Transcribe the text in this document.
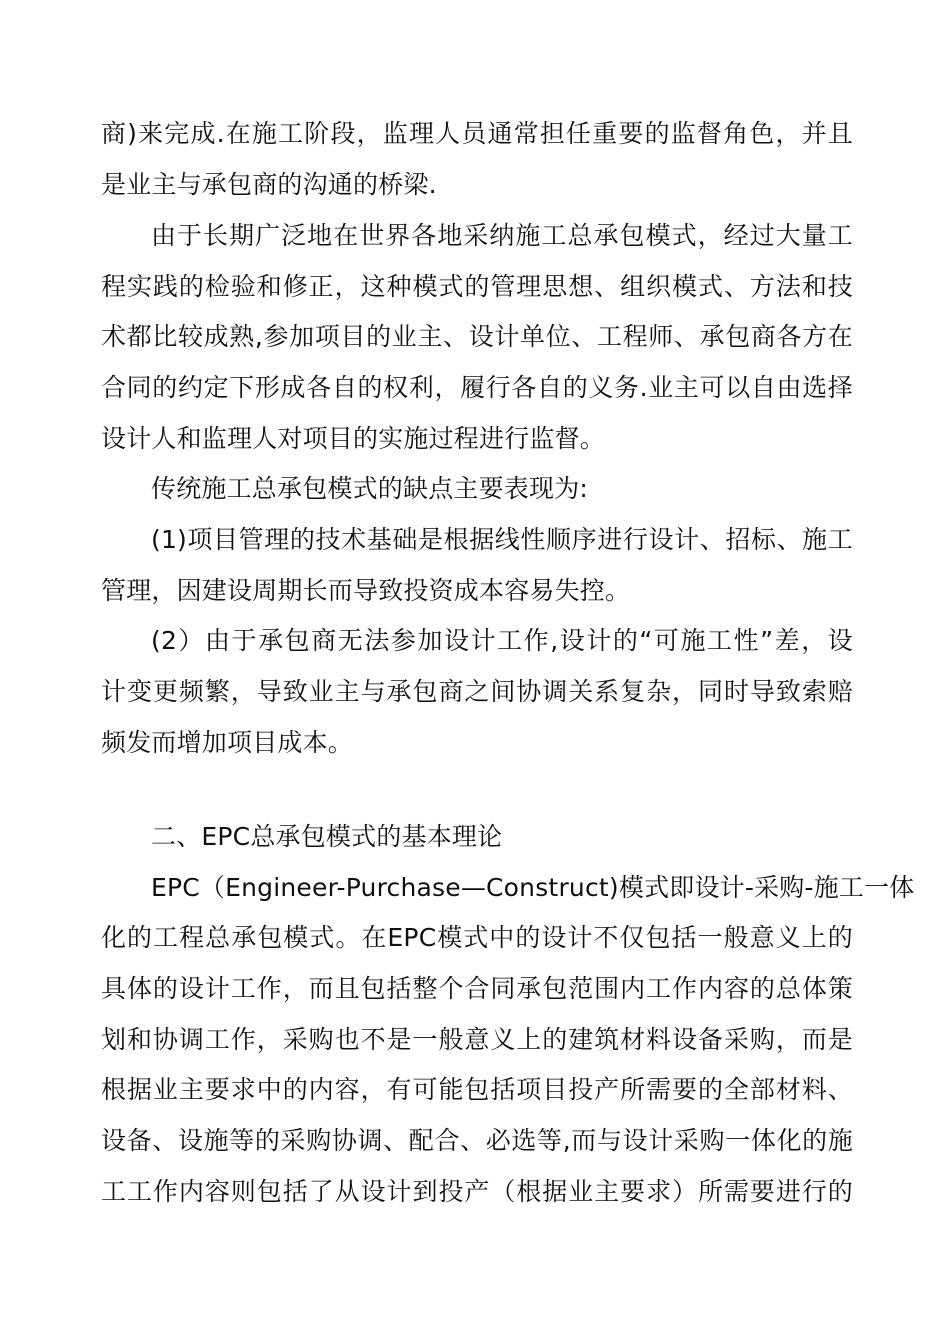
商)来完成.在施工阶段，监理人员通常担任重要的监督角色，并且
是业主与承包商的沟通的桥梁.
由于长期广泛地在世界各地采纳施工总承包模式，经过大量工
程实践的检验和修正，这种模式的管理思想、组织模式、方法和技
术都比较成熟,参加项目的业主、设计单位、工程师、承包商各方在
合同的约定下形成各自的权利，履行各自的义务.业主可以自由选择
设计人和监理人对项目的实施过程进行监督。
传统施工总承包模式的缺点主要表现为:
(1)项目管理的技术基础是根据线性顺序进行设计、招标、施工
管理，因建设周期长而导致投资成本容易失控。
(2）由于承包商无法参加设计工作,设计的“可施工性”差，设
计变更频繁，导致业主与承包商之间协调关系复杂，同时导致索赔
频发而增加项目成本。
二、EPC总承包模式的基本理论
EPC（Engineer-Purchase—Construct)模式即设计-采购-施工一体
化的工程总承包模式。在EPC模式中的设计不仅包括一般意义上的
具体的设计工作，而且包括整个合同承包范围内工作内容的总体策
划和协调工作，采购也不是一般意义上的建筑材料设备采购，而是
根据业主要求中的内容，有可能包括项目投产所需要的全部材料、
设备、设施等的采购协调、配合、必选等,而与设计采购一体化的施
工工作内容则包括了从设计到投产（根据业主要求）所需要进行的
